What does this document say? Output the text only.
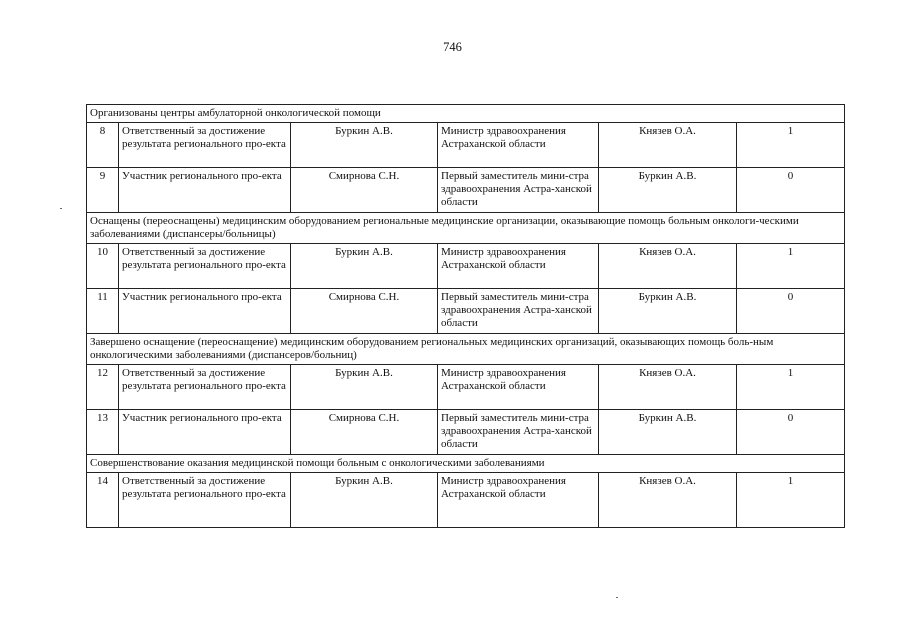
746
Организованы центры амбулаторной онкологической помощи					
8	Ответственный за достижение результата регионального про-екта	Буркин А.В.	Министр здравоохранения Астраханской области	Князев О.А.	1
9	Участник регионального про-екта	Смирнова С.Н.	Первый заместитель мини-стра здравоохранения Астра-ханской области	Буркин А.В.	0
Оснащены (переоснащены) медицинским оборудованием региональные медицинские организации, оказывающие помощь больным онкологи-ческими заболеваниями (диспансеры/больницы)					
10	Ответственный за достижение результата регионального про-екта	Буркин А.В.	Министр здравоохранения Астраханской области	Князев О.А.	1
11	Участник регионального про-екта	Смирнова С.Н.	Первый заместитель мини-стра здравоохранения Астра-ханской области	Буркин А.В.	0
Завершено оснащение (переоснащение) медицинским оборудованием региональных медицинских организаций, оказывающих помощь боль-ным онкологическими заболеваниями (диспансеров/больниц)					
12	Ответственный за достижение результата регионального про-екта	Буркин А.В.	Министр здравоохранения Астраханской области	Князев О.А.	1
13	Участник регионального про-екта	Смирнова С.Н.	Первый заместитель мини-стра здравоохранения Астра-ханской области	Буркин А.В.	0
Совершенствование оказания медицинской помощи больным с онкологическими заболеваниями					
14	Ответственный за достижение результата регионального про-екта	Буркин А.В.	Министр здравоохранения Астраханской области	Князев О.А.	1
